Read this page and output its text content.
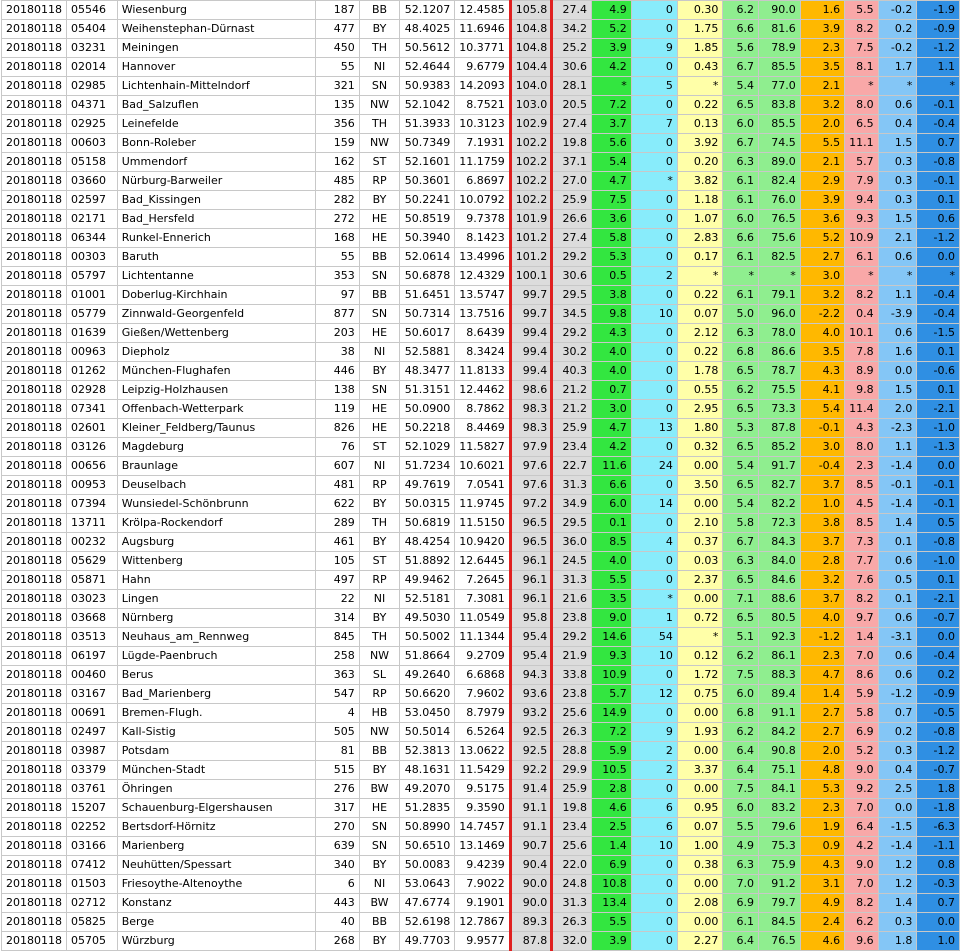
20180118	05546	Wiesenburg	187	BB	52.1207	12.4585	105.8	27.4	4.9	0	0.30	6.2	90.0	1.6	5.5	-0.2	-1.9
20180118	05404	Weihenstephan-Dürnast	477	BY	48.4025	11.6946	104.8	34.2	5.2	0	1.75	6.6	81.6	3.9	8.2	0.2	-0.9
20180118	03231	Meiningen	450	TH	50.5612	10.3771	104.8	25.2	3.9	9	1.85	5.6	78.9	2.3	7.5	-0.2	-1.2
20180118	02014	Hannover	55	NI	52.4644	9.6779	104.4	30.6	4.2	0	0.43	6.7	85.5	3.5	8.1	1.7	1.1
20180118	02985	Lichtenhain-Mittelndorf	321	SN	50.9383	14.2093	104.0	28.1	*	5	*	5.4	77.0	2.1	*	*	*
20180118	04371	Bad_Salzuflen	135	NW	52.1042	8.7521	103.0	20.5	7.2	0	0.22	6.5	83.8	3.2	8.0	0.6	-0.1
20180118	02925	Leinefelde	356	TH	51.3933	10.3123	102.9	27.4	3.7	7	0.13	6.0	85.5	2.0	6.5	0.4	-0.4
20180118	00603	Bonn-Roleber	159	NW	50.7349	7.1931	102.2	19.8	5.6	0	3.92	6.7	74.5	5.5	11.1	1.5	0.7
20180118	05158	Ummendorf	162	ST	52.1601	11.1759	102.2	37.1	5.4	0	0.20	6.3	89.0	2.1	5.7	0.3	-0.8
20180118	03660	Nürburg-Barweiler	485	RP	50.3601	6.8697	102.2	27.0	4.7	*	3.82	6.1	82.4	2.9	7.9	0.3	-0.1
20180118	02597	Bad_Kissingen	282	BY	50.2241	10.0792	102.2	25.9	7.5	0	1.18	6.1	76.0	3.9	9.4	0.3	0.1
20180118	02171	Bad_Hersfeld	272	HE	50.8519	9.7378	101.9	26.6	3.6	0	1.07	6.0	76.5	3.6	9.3	1.5	0.6
20180118	06344	Runkel-Ennerich	168	HE	50.3940	8.1423	101.2	27.4	5.8	0	2.83	6.6	75.6	5.2	10.9	2.1	-1.2
20180118	00303	Baruth	55	BB	52.0614	13.4996	101.2	29.2	5.3	0	0.17	6.1	82.5	2.7	6.1	0.6	0.0
20180118	05797	Lichtentanne	353	SN	50.6878	12.4329	100.1	30.6	0.5	2	*	*	*	3.0	*	*	*
20180118	01001	Doberlug-Kirchhain	97	BB	51.6451	13.5747	99.7	29.5	3.8	0	0.22	6.1	79.1	3.2	8.2	1.1	-0.4
20180118	05779	Zinnwald-Georgenfeld	877	SN	50.7314	13.7516	99.7	34.5	9.8	10	0.07	5.0	96.0	-2.2	0.4	-3.9	-0.4
20180118	01639	Gießen/Wettenberg	203	HE	50.6017	8.6439	99.4	29.2	4.3	0	2.12	6.3	78.0	4.0	10.1	0.6	-1.5
20180118	00963	Diepholz	38	NI	52.5881	8.3424	99.4	30.2	4.0	0	0.22	6.8	86.6	3.5	7.8	1.6	0.1
20180118	01262	München-Flughafen	446	BY	48.3477	11.8133	99.4	40.3	4.0	0	1.78	6.5	78.7	4.3	8.9	0.0	-0.6
20180118	02928	Leipzig-Holzhausen	138	SN	51.3151	12.4462	98.6	21.2	0.7	0	0.55	6.2	75.5	4.1	9.8	1.5	0.1
20180118	07341	Offenbach-Wetterpark	119	HE	50.0900	8.7862	98.3	21.2	3.0	0	2.95	6.5	73.3	5.4	11.4	2.0	-2.1
20180118	02601	Kleiner_Feldberg/Taunus	826	HE	50.2218	8.4469	98.3	25.9	4.7	13	1.80	5.3	87.8	-0.1	4.3	-2.3	-1.0
20180118	03126	Magdeburg	76	ST	52.1029	11.5827	97.9	23.4	4.2	0	0.32	6.5	85.2	3.0	8.0	1.1	-1.3
20180118	00656	Braunlage	607	NI	51.7234	10.6021	97.6	22.7	11.6	24	0.00	5.4	91.7	-0.4	2.3	-1.4	0.0
20180118	00953	Deuselbach	481	RP	49.7619	7.0541	97.6	31.3	6.6	0	3.50	6.5	82.7	3.7	8.5	-0.1	-0.1
20180118	07394	Wunsiedel-Schönbrunn	622	BY	50.0315	11.9745	97.2	34.9	6.0	14	0.00	5.4	82.2	1.0	4.5	-1.4	-0.1
20180118	13711	Krölpa-Rockendorf	289	TH	50.6819	11.5150	96.5	29.5	0.1	0	2.10	5.8	72.3	3.8	8.5	1.4	0.5
20180118	00232	Augsburg	461	BY	48.4254	10.9420	96.5	36.0	8.5	4	0.37	6.7	84.3	3.7	7.3	0.1	-0.8
20180118	05629	Wittenberg	105	ST	51.8892	12.6445	96.1	24.5	4.0	0	0.03	6.3	84.0	2.8	7.7	0.6	-1.0
20180118	05871	Hahn	497	RP	49.9462	7.2645	96.1	31.3	5.5	0	2.37	6.5	84.6	3.2	7.6	0.5	0.1
20180118	03023	Lingen	22	NI	52.5181	7.3081	96.1	21.6	3.5	*	0.00	7.1	88.6	3.7	8.2	0.1	-2.1
20180118	03668	Nürnberg	314	BY	49.5030	11.0549	95.8	23.8	9.0	1	0.72	6.5	80.5	4.0	9.7	0.6	-0.7
20180118	03513	Neuhaus_am_Rennweg	845	TH	50.5002	11.1344	95.4	29.2	14.6	54	*	5.1	92.3	-1.2	1.4	-3.1	0.0
20180118	06197	Lügde-Paenbruch	258	NW	51.8664	9.2709	95.4	21.9	9.3	10	0.12	6.2	86.1	2.3	7.0	0.6	-0.4
20180118	00460	Berus	363	SL	49.2640	6.6868	94.3	33.8	10.9	0	1.72	7.5	88.3	4.7	8.6	0.6	0.2
20180118	03167	Bad_Marienberg	547	RP	50.6620	7.9602	93.6	23.8	5.7	12	0.75	6.0	89.4	1.4	5.9	-1.2	-0.9
20180118	00691	Bremen-Flugh.	4	HB	53.0450	8.7979	93.2	25.6	14.9	0	0.00	6.8	91.1	2.7	5.8	0.7	-0.5
20180118	02497	Kall-Sistig	505	NW	50.5014	6.5264	92.5	26.3	7.2	9	1.93	6.2	84.2	2.7	6.9	0.2	-0.8
20180118	03987	Potsdam	81	BB	52.3813	13.0622	92.5	28.8	5.9	2	0.00	6.4	90.8	2.0	5.2	0.3	-1.2
20180118	03379	München-Stadt	515	BY	48.1631	11.5429	92.2	29.9	10.5	2	3.37	6.4	75.1	4.8	9.0	0.4	-0.7
20180118	03761	Öhringen	276	BW	49.2070	9.5175	91.4	25.9	2.8	0	0.00	7.5	84.1	5.3	9.2	2.5	1.8
20180118	15207	Schauenburg-Elgershausen	317	HE	51.2835	9.3590	91.1	19.8	4.6	6	0.95	6.0	83.2	2.3	7.0	0.0	-1.8
20180118	02252	Bertsdorf-Hörnitz	270	SN	50.8990	14.7457	91.1	23.4	2.5	6	0.07	5.5	79.6	1.9	6.4	-1.5	-6.3
20180118	03166	Marienberg	639	SN	50.6510	13.1469	90.7	25.6	1.4	10	1.00	4.9	75.3	0.9	4.2	-1.4	-1.1
20180118	07412	Neuhütten/Spessart	340	BY	50.0083	9.4239	90.4	22.0	6.9	0	0.38	6.3	75.9	4.3	9.0	1.2	0.8
20180118	01503	Friesoythe-Altenoythe	6	NI	53.0643	7.9022	90.0	24.8	10.8	0	0.00	7.0	91.2	3.1	7.0	1.2	-0.3
20180118	02712	Konstanz	443	BW	47.6774	9.1901	90.0	31.3	13.4	0	2.08	6.9	79.7	4.9	8.2	1.4	0.7
20180118	05825	Berge	40	BB	52.6198	12.7867	89.3	26.3	5.5	0	0.00	6.1	84.5	2.4	6.2	0.3	0.0
20180118	05705	Würzburg	268	BY	49.7703	9.9577	87.8	32.0	3.9	0	2.27	6.4	76.5	4.6	9.6	1.8	1.0
